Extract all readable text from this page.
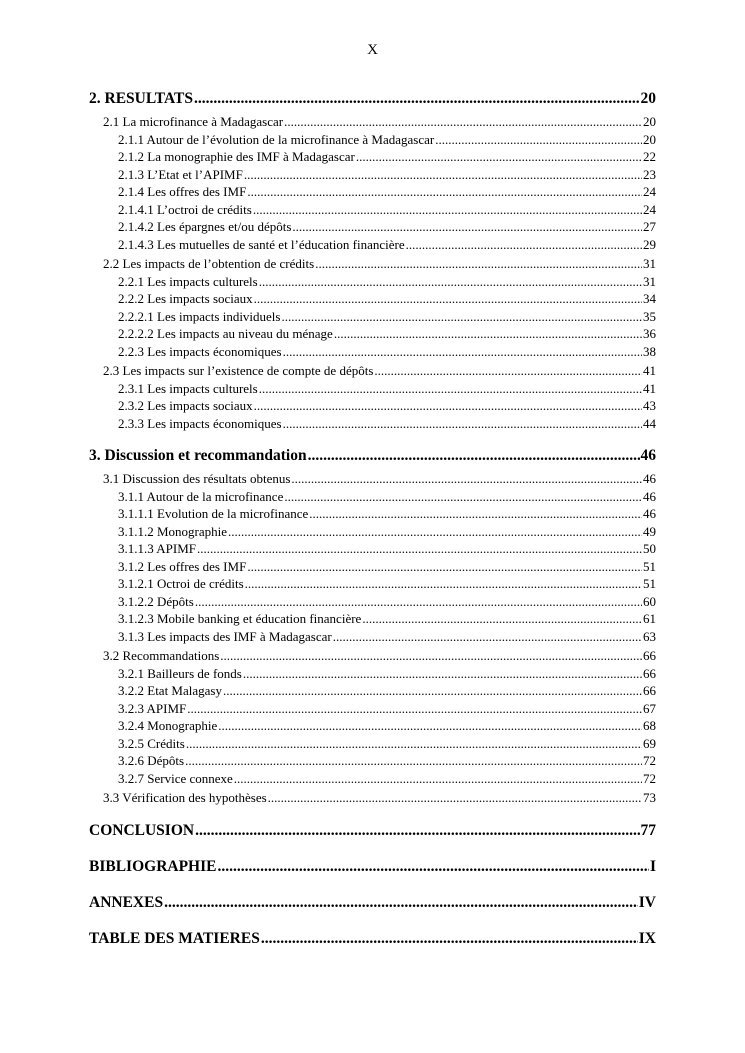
X
2. RESULTATS .....	20
2.1 La microfinance à Madagascar .....	20
2.1.1 Autour de l’évolution de la microfinance à Madagascar .....	20
2.1.2 La monographie des IMF à Madagascar .....	22
2.1.3 L’Etat et l’APIMF .....	23
2.1.4 Les offres des IMF .....	24
2.1.4.1 L’octroi de crédits .....	24
2.1.4.2 Les épargnes et/ou dépôts .....	27
2.1.4.3 Les mutuelles de santé et l’éducation financière .....	29
2.2 Les impacts de l’obtention de crédits .....	31
2.2.1 Les impacts culturels .....	31
2.2.2 Les impacts sociaux .....	34
2.2.2.1 Les impacts individuels .....	35
2.2.2.2 Les impacts au niveau du ménage .....	36
2.2.3 Les impacts économiques .....	38
2.3 Les impacts sur l’existence de compte de dépôts .....	41
2.3.1 Les impacts culturels .....	41
2.3.2 Les impacts sociaux .....	43
2.3.3 Les impacts économiques .....	44
3. Discussion et recommandation .....	46
3.1 Discussion des résultats obtenus .....	46
3.1.1 Autour de la microfinance .....	46
3.1.1.1 Evolution de la microfinance .....	46
3.1.1.2 Monographie .....	49
3.1.1.3 APIMF .....	50
3.1.2 Les offres des IMF .....	51
3.1.2.1 Octroi de crédits .....	51
3.1.2.2 Dépôts .....	60
3.1.2.3 Mobile banking et éducation financière .....	61
3.1.3 Les impacts des IMF à Madagascar .....	63
3.2 Recommandations .....	66
3.2.1 Bailleurs de fonds .....	66
3.2.2 Etat Malagasy .....	66
3.2.3 APIMF .....	67
3.2.4 Monographie .....	68
3.2.5 Crédits .....	69
3.2.6 Dépôts .....	72
3.2.7 Service connexe .....	72
3.3 Vérification des hypothèses .....	73
CONCLUSION .....	77
BIBLIOGRAPHIE .....	I
ANNEXES .....	IV
TABLE DES MATIERES .....	IX
